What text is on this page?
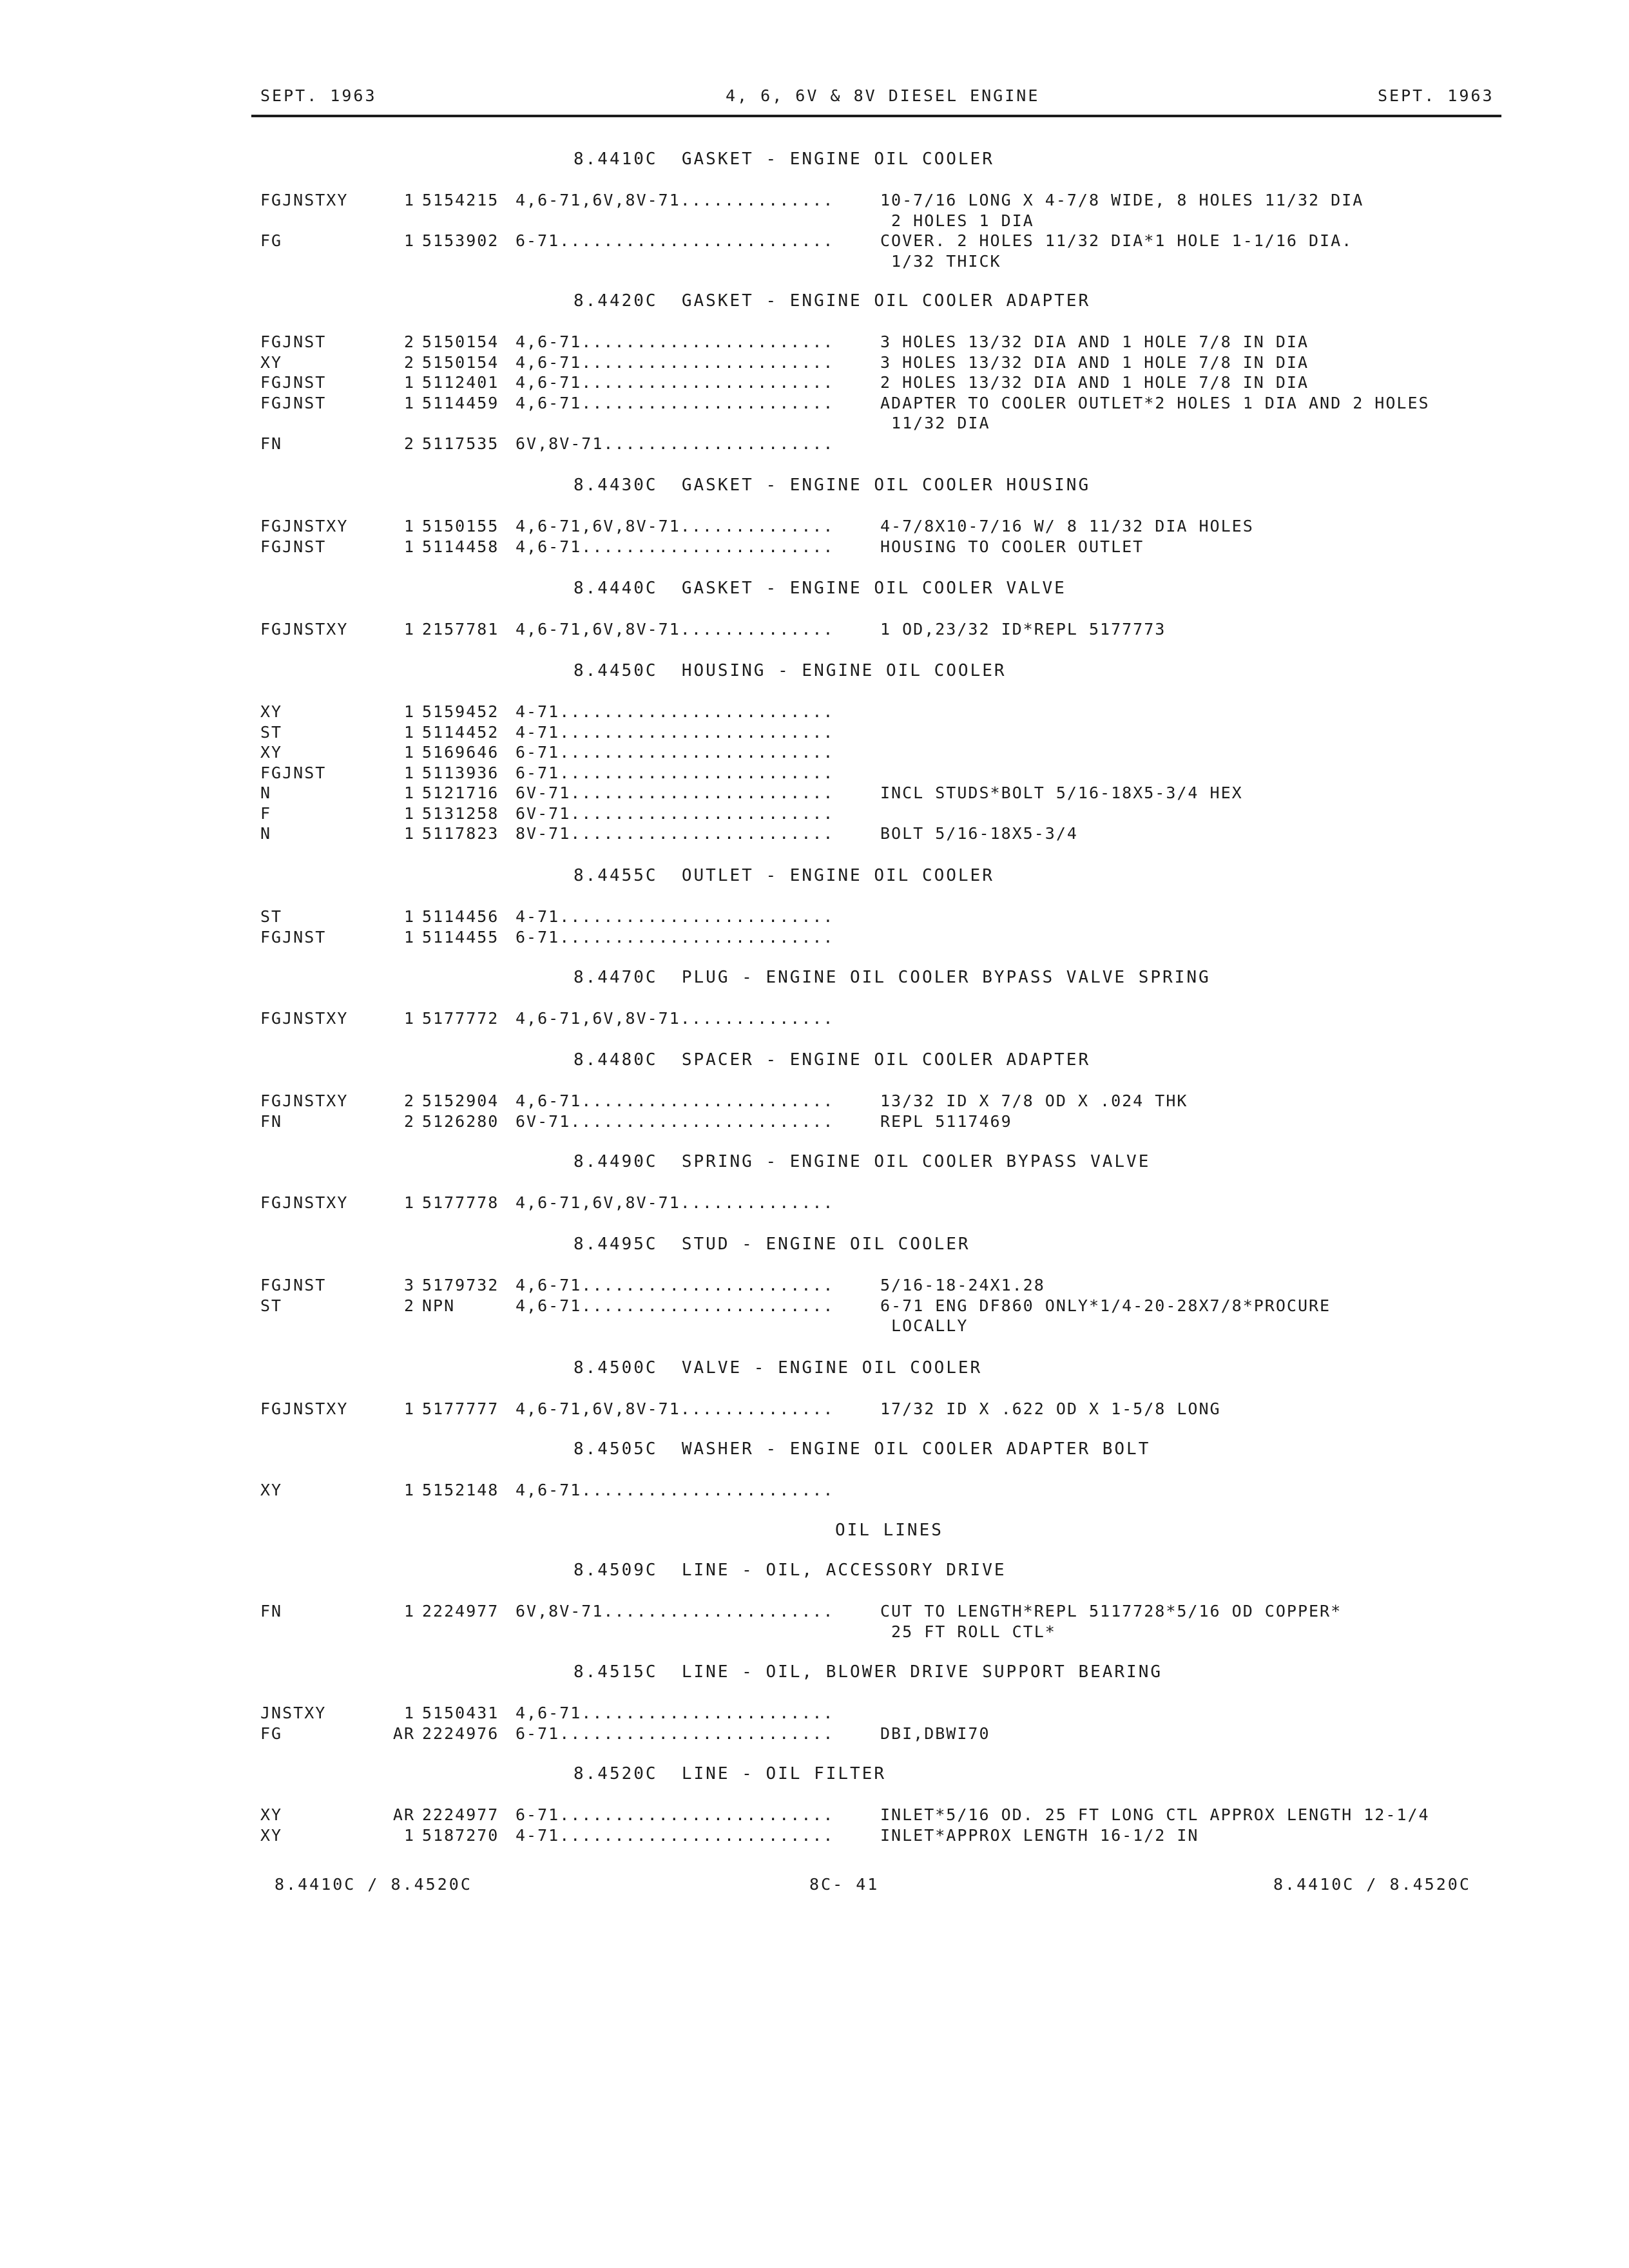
SEPT. 1963	4, 6, 6V & 8V DIESEL ENGINE	SEPT. 1963
8.4410C  GASKET - ENGINE OIL COOLER
FGJNSTXY	1 5154215 4,6-71,6V,8V-71..............	10-7/16 LONG X 4-7/8 WIDE, 8 HOLES 11/32 DIA
2 HOLES 1 DIA
FG	1 5153902 6-71.........................	COVER. 2 HOLES 11/32 DIA*1 HOLE 1-1/16 DIA.
1/32 THICK
8.4420C  GASKET - ENGINE OIL COOLER ADAPTER
FGJNST	2 5150154 4,6-71.......................	3 HOLES 13/32 DIA AND 1 HOLE 7/8 IN DIA
XY	2 5150154 4,6-71.......................	3 HOLES 13/32 DIA AND 1 HOLE 7/8 IN DIA
FGJNST	1 5112401 4,6-71.......................	2 HOLES 13/32 DIA AND 1 HOLE 7/8 IN DIA
FGJNST	1 5114459 4,6-71.......................	ADAPTER TO COOLER OUTLET*2 HOLES 1 DIA AND 2 HOLES
11/32 DIA
FN	2 5117535 6V,8V-71.....................
8.4430C  GASKET - ENGINE OIL COOLER HOUSING
FGJNSTXY	1 5150155 4,6-71,6V,8V-71..............	4-7/8X10-7/16 W/ 8 11/32 DIA HOLES
FGJNST	1 5114458 4,6-71.......................	HOUSING TO COOLER OUTLET
8.4440C  GASKET - ENGINE OIL COOLER VALVE
FGJNSTXY	1 2157781 4,6-71,6V,8V-71..............	1 OD,23/32 ID*REPL 5177773
8.4450C  HOUSING - ENGINE OIL COOLER
XY	1 5159452 4-71.........................
ST	1 5114452 4-71.........................
XY	1 5169646 6-71.........................
FGJNST	1 5113936 6-71.........................
N	1 5121716 6V-71........................	INCL STUDS*BOLT 5/16-18X5-3/4 HEX
F	1 5131258 6V-71........................
N	1 5117823 8V-71........................	BOLT 5/16-18X5-3/4
8.4455C  OUTLET - ENGINE OIL COOLER
ST	1 5114456 4-71.........................
FGJNST	1 5114455 6-71.........................
8.4470C  PLUG - ENGINE OIL COOLER BYPASS VALVE SPRING
FGJNSTXY	1 5177772 4,6-71,6V,8V-71..............
8.4480C  SPACER - ENGINE OIL COOLER ADAPTER
FGJNSTXY	2 5152904 4,6-71.......................	13/32 ID X 7/8 OD X .024 THK
FN	2 5126280 6V-71........................	REPL 5117469
8.4490C  SPRING - ENGINE OIL COOLER BYPASS VALVE
FGJNSTXY	1 5177778 4,6-71,6V,8V-71..............
8.4495C  STUD - ENGINE OIL COOLER
FGJNST	3 5179732 4,6-71.......................	5/16-18-24X1.28
ST	2 NPN	4,6-71.......................	6-71 ENG DF860 ONLY*1/4-20-28X7/8*PROCURE
LOCALLY
8.4500C  VALVE - ENGINE OIL COOLER
FGJNSTXY	1 5177777 4,6-71,6V,8V-71..............	17/32 ID X .622 OD X 1-5/8 LONG
8.4505C  WASHER - ENGINE OIL COOLER ADAPTER BOLT
XY	1 5152148 4,6-71.......................
8.4509C  LINE - OIL, ACCESSORY DRIVE
FN	1 2224977 6V,8V-71.....................	CUT TO LENGTH*REPL 5117728*5/16 OD COPPER*
25 FT ROLL CTL*
8.4515C  LINE - OIL, BLOWER DRIVE SUPPORT BEARING
JNSTXY	1 5150431 4,6-71.......................
FG	AR 2224976 6-71.........................	DBI,DBWI70
8.4520C  LINE - OIL FILTER
XY	AR 2224977 6-71.........................	INLET*5/16 OD. 25 FT LONG CTL APPROX LENGTH 12-1/4
XY	1 5187270 4-71.........................	INLET*APPROX LENGTH 16-1/2 IN
OIL LINES
8.4410C / 8.4520C	8C- 41	8.4410C / 8.4520C
